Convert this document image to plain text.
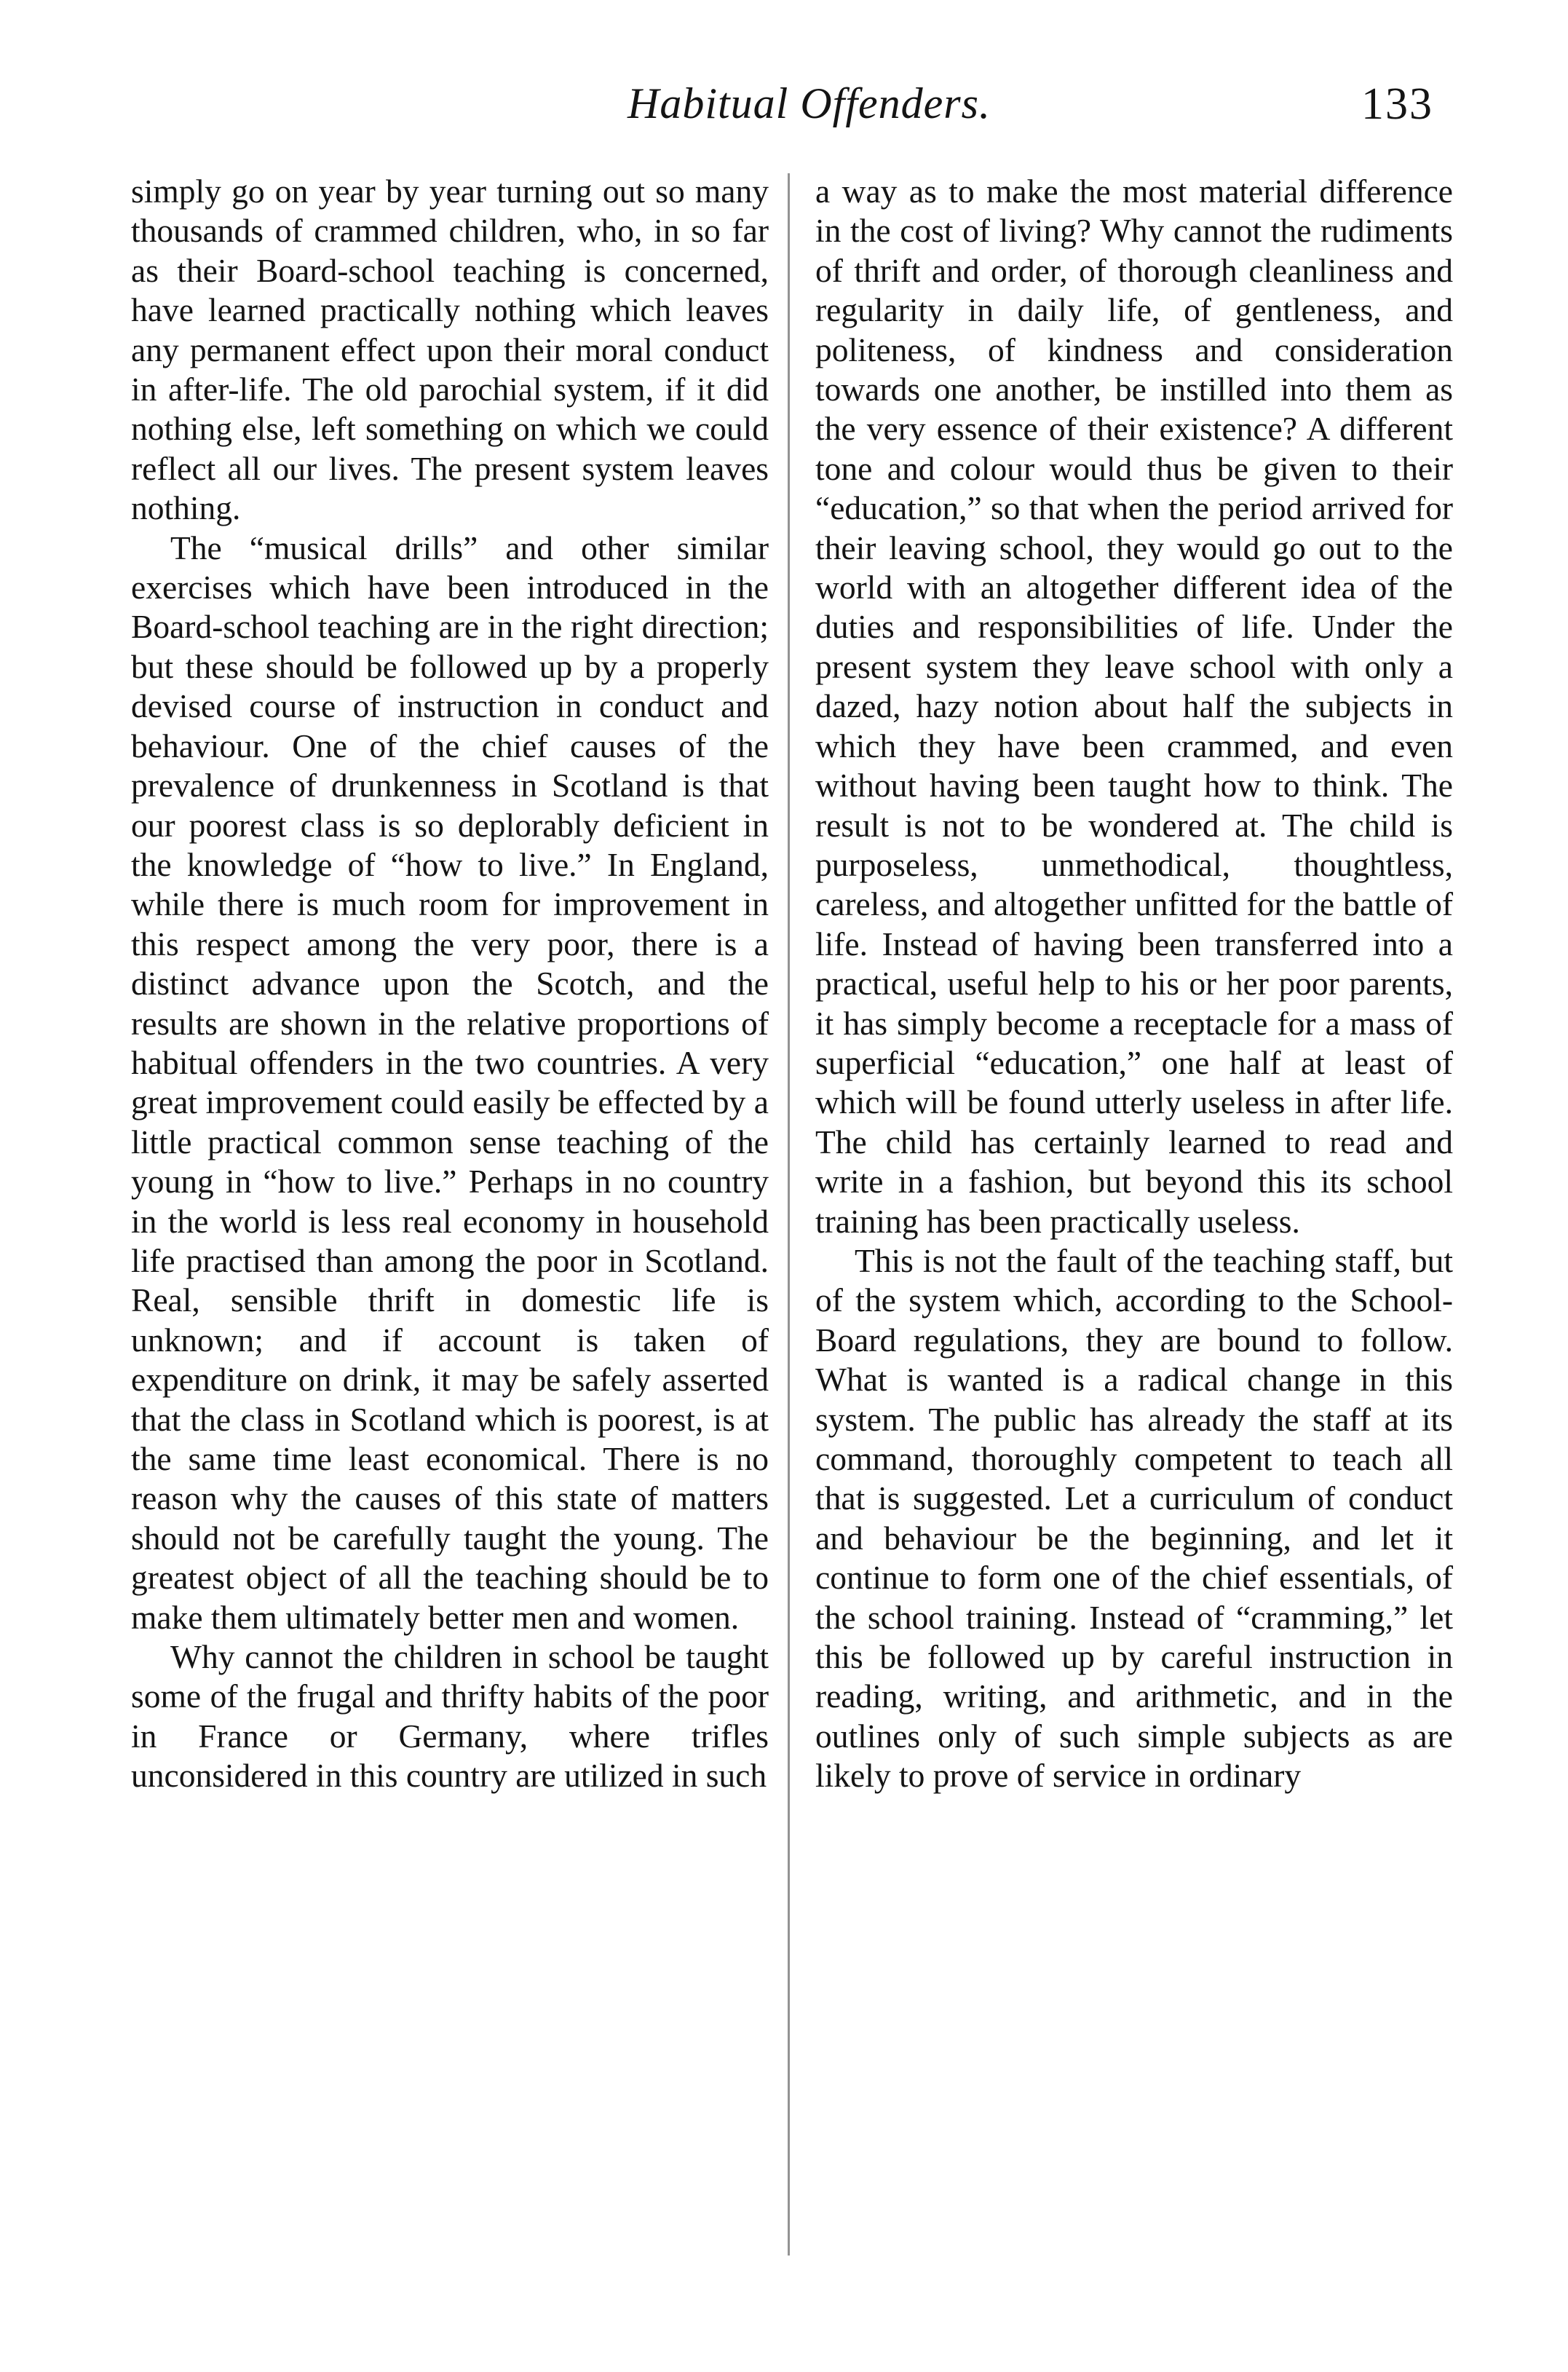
Habitual Offenders.	133

simply go on year by year turning out so many thousands of crammed children, who, in so far as their Board-school teaching is concerned, have learned practically nothing which leaves any permanent effect upon their moral conduct in after-life. The old parochial system, if it did nothing else, left something on which we could reflect all our lives. The present system leaves nothing.

The “musical drills” and other similar exercises which have been introduced in the Board-school teaching are in the right direction; but these should be followed up by a properly devised course of instruction in conduct and behaviour. One of the chief causes of the prevalence of drunkenness in Scotland is that our poorest class is so deplorably deficient in the knowledge of “how to live.” In England, while there is much room for improvement in this respect among the very poor, there is a distinct advance upon the Scotch, and the results are shown in the relative proportions of habitual offenders in the two countries. A very great improvement could easily be effected by a little practical common sense teaching of the young in “how to live.” Perhaps in no country in the world is less real economy in household life practised than among the poor in Scotland. Real, sensible thrift in domestic life is unknown; and if account is taken of expenditure on drink, it may be safely asserted that the class in Scotland which is poorest, is at the same time least economical. There is no reason why the causes of this state of matters should not be carefully taught the young. The greatest object of all the teaching should be to make them ultimately better men and women.

Why cannot the children in school be taught some of the frugal and thrifty habits of the poor in France or Germany, where trifles unconsidered in this country are utilized in such

a way as to make the most material difference in the cost of living? Why cannot the rudiments of thrift and order, of thorough cleanliness and regularity in daily life, of gentleness, and politeness, of kindness and consideration towards one another, be instilled into them as the very essence of their existence? A different tone and colour would thus be given to their “education,” so that when the period arrived for their leaving school, they would go out to the world with an altogether different idea of the duties and responsibilities of life. Under the present system they leave school with only a dazed, hazy notion about half the subjects in which they have been crammed, and even without having been taught how to think. The result is not to be wondered at. The child is purposeless, unmethodical, thoughtless, careless, and altogether unfitted for the battle of life. Instead of having been transferred into a practical, useful help to his or her poor parents, it has simply become a receptacle for a mass of superficial “education,” one half at least of which will be found utterly useless in after life. The child has certainly learned to read and write in a fashion, but beyond this its school training has been practically useless.

This is not the fault of the teaching staff, but of the system which, according to the School-Board regulations, they are bound to follow. What is wanted is a radical change in this system. The public has already the staff at its command, thoroughly competent to teach all that is suggested. Let a curriculum of conduct and behaviour be the beginning, and let it continue to form one of the chief essentials, of the school training. Instead of “cramming,” let this be followed up by careful instruction in reading, writing, and arithmetic, and in the outlines only of such simple subjects as are likely to prove of service in ordinary
